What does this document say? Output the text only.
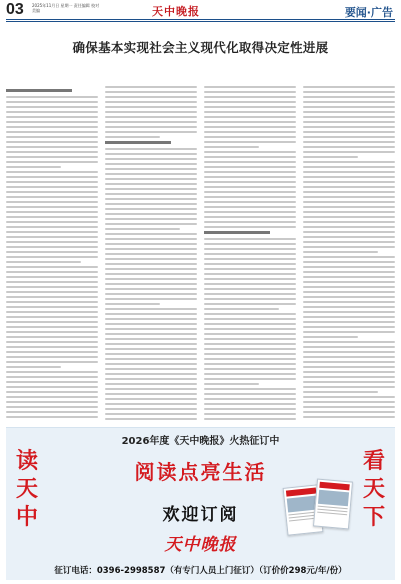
03 2025年11月日 星期一 责任编辑 校对 美编	天中晚报	要闻·广告
确保基本实现社会主义现代化取得决定性进展
2026年度《天中晚报》火热征订中
读天中
看天下
阅读点亮生活
欢迎订阅
天中晚报
征订电话：0396-2998587（有专门人员上门征订）（订价价298元/年/份）
